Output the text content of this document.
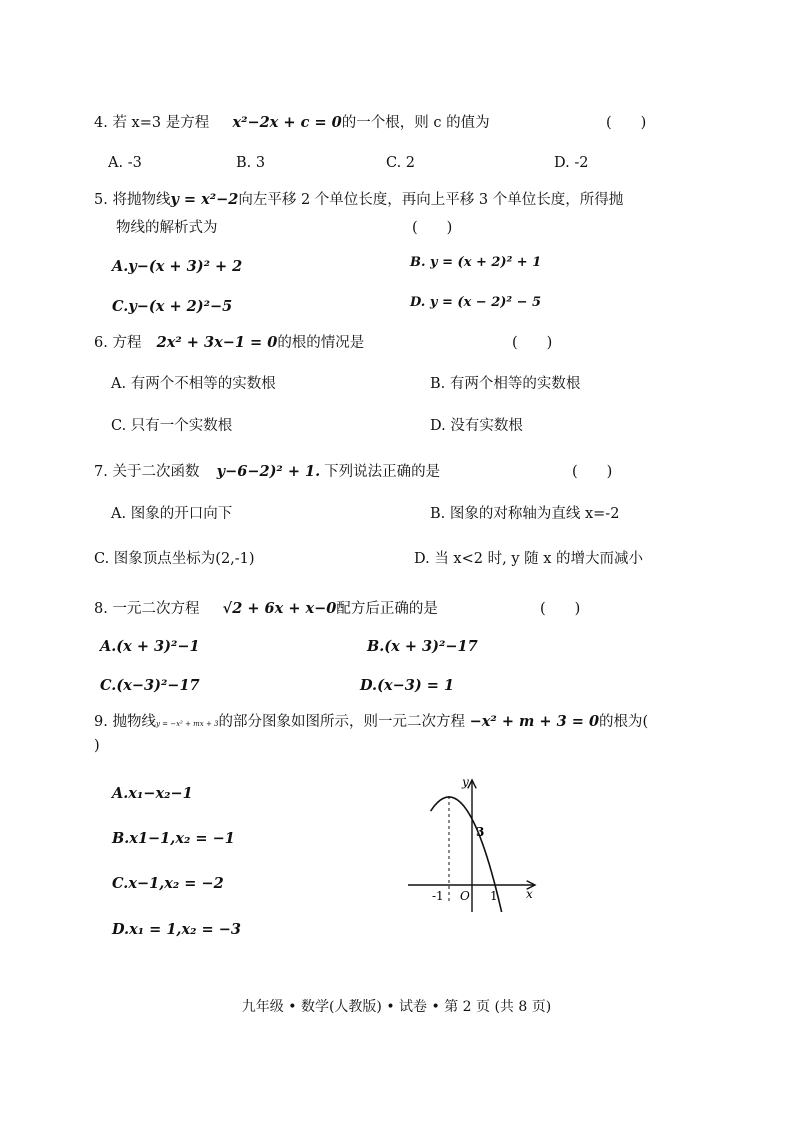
4. 若 x=3 是方程 x²−2x + c = 0的一个根，则 c 的值为	(　　)
A. -3	B. 3	C. 2	D. -2
5. 将抛物线y = x²−2向左平移 2 个单位长度，再向上平移 3 个单位长度，所得抛
物线的解析式为	(　　)
A.y−(x + 3)² + 2	B. y = (x + 2)² + 1
C.y−(x + 2)²−5	D. y = (x − 2)² − 5
6. 方程 2x² + 3x−1 = 0的根的情况是	(　　)
A. 有两个不相等的实数根	B. 有两个相等的实数根
C. 只有一个实数根	D. 没有实数根
7. 关于二次函数 y−6−2)² + 1. 下列说法正确的是	(　　)
A. 图象的开口向下	B. 图象的对称轴为直线 x=-2
C. 图象顶点坐标为(2,-1)	D. 当 x<2 时, y 随 x 的增大而减小
8. 一元二次方程 √2 + 6x + x−0配方后正确的是	(　　)
A.(x + 3)²−1	B.(x + 3)²−17
C.(x−3)²−17	D.(x−3) = 1
9. 抛物线y = −x² + mx + 3的部分图象如图所示，则一元二次方程 −x² + m + 3 = 0的根为(
)
A.x₁−x₂−1
B.x1−1,x₂ = −1
C.x−1,x₂ = −2
D.x₁ = 1,x₂ = −3
y
x
O
-1	1
3
九年级 • 数学(人教版) • 试卷 • 第 2 页 (共 8 页)
